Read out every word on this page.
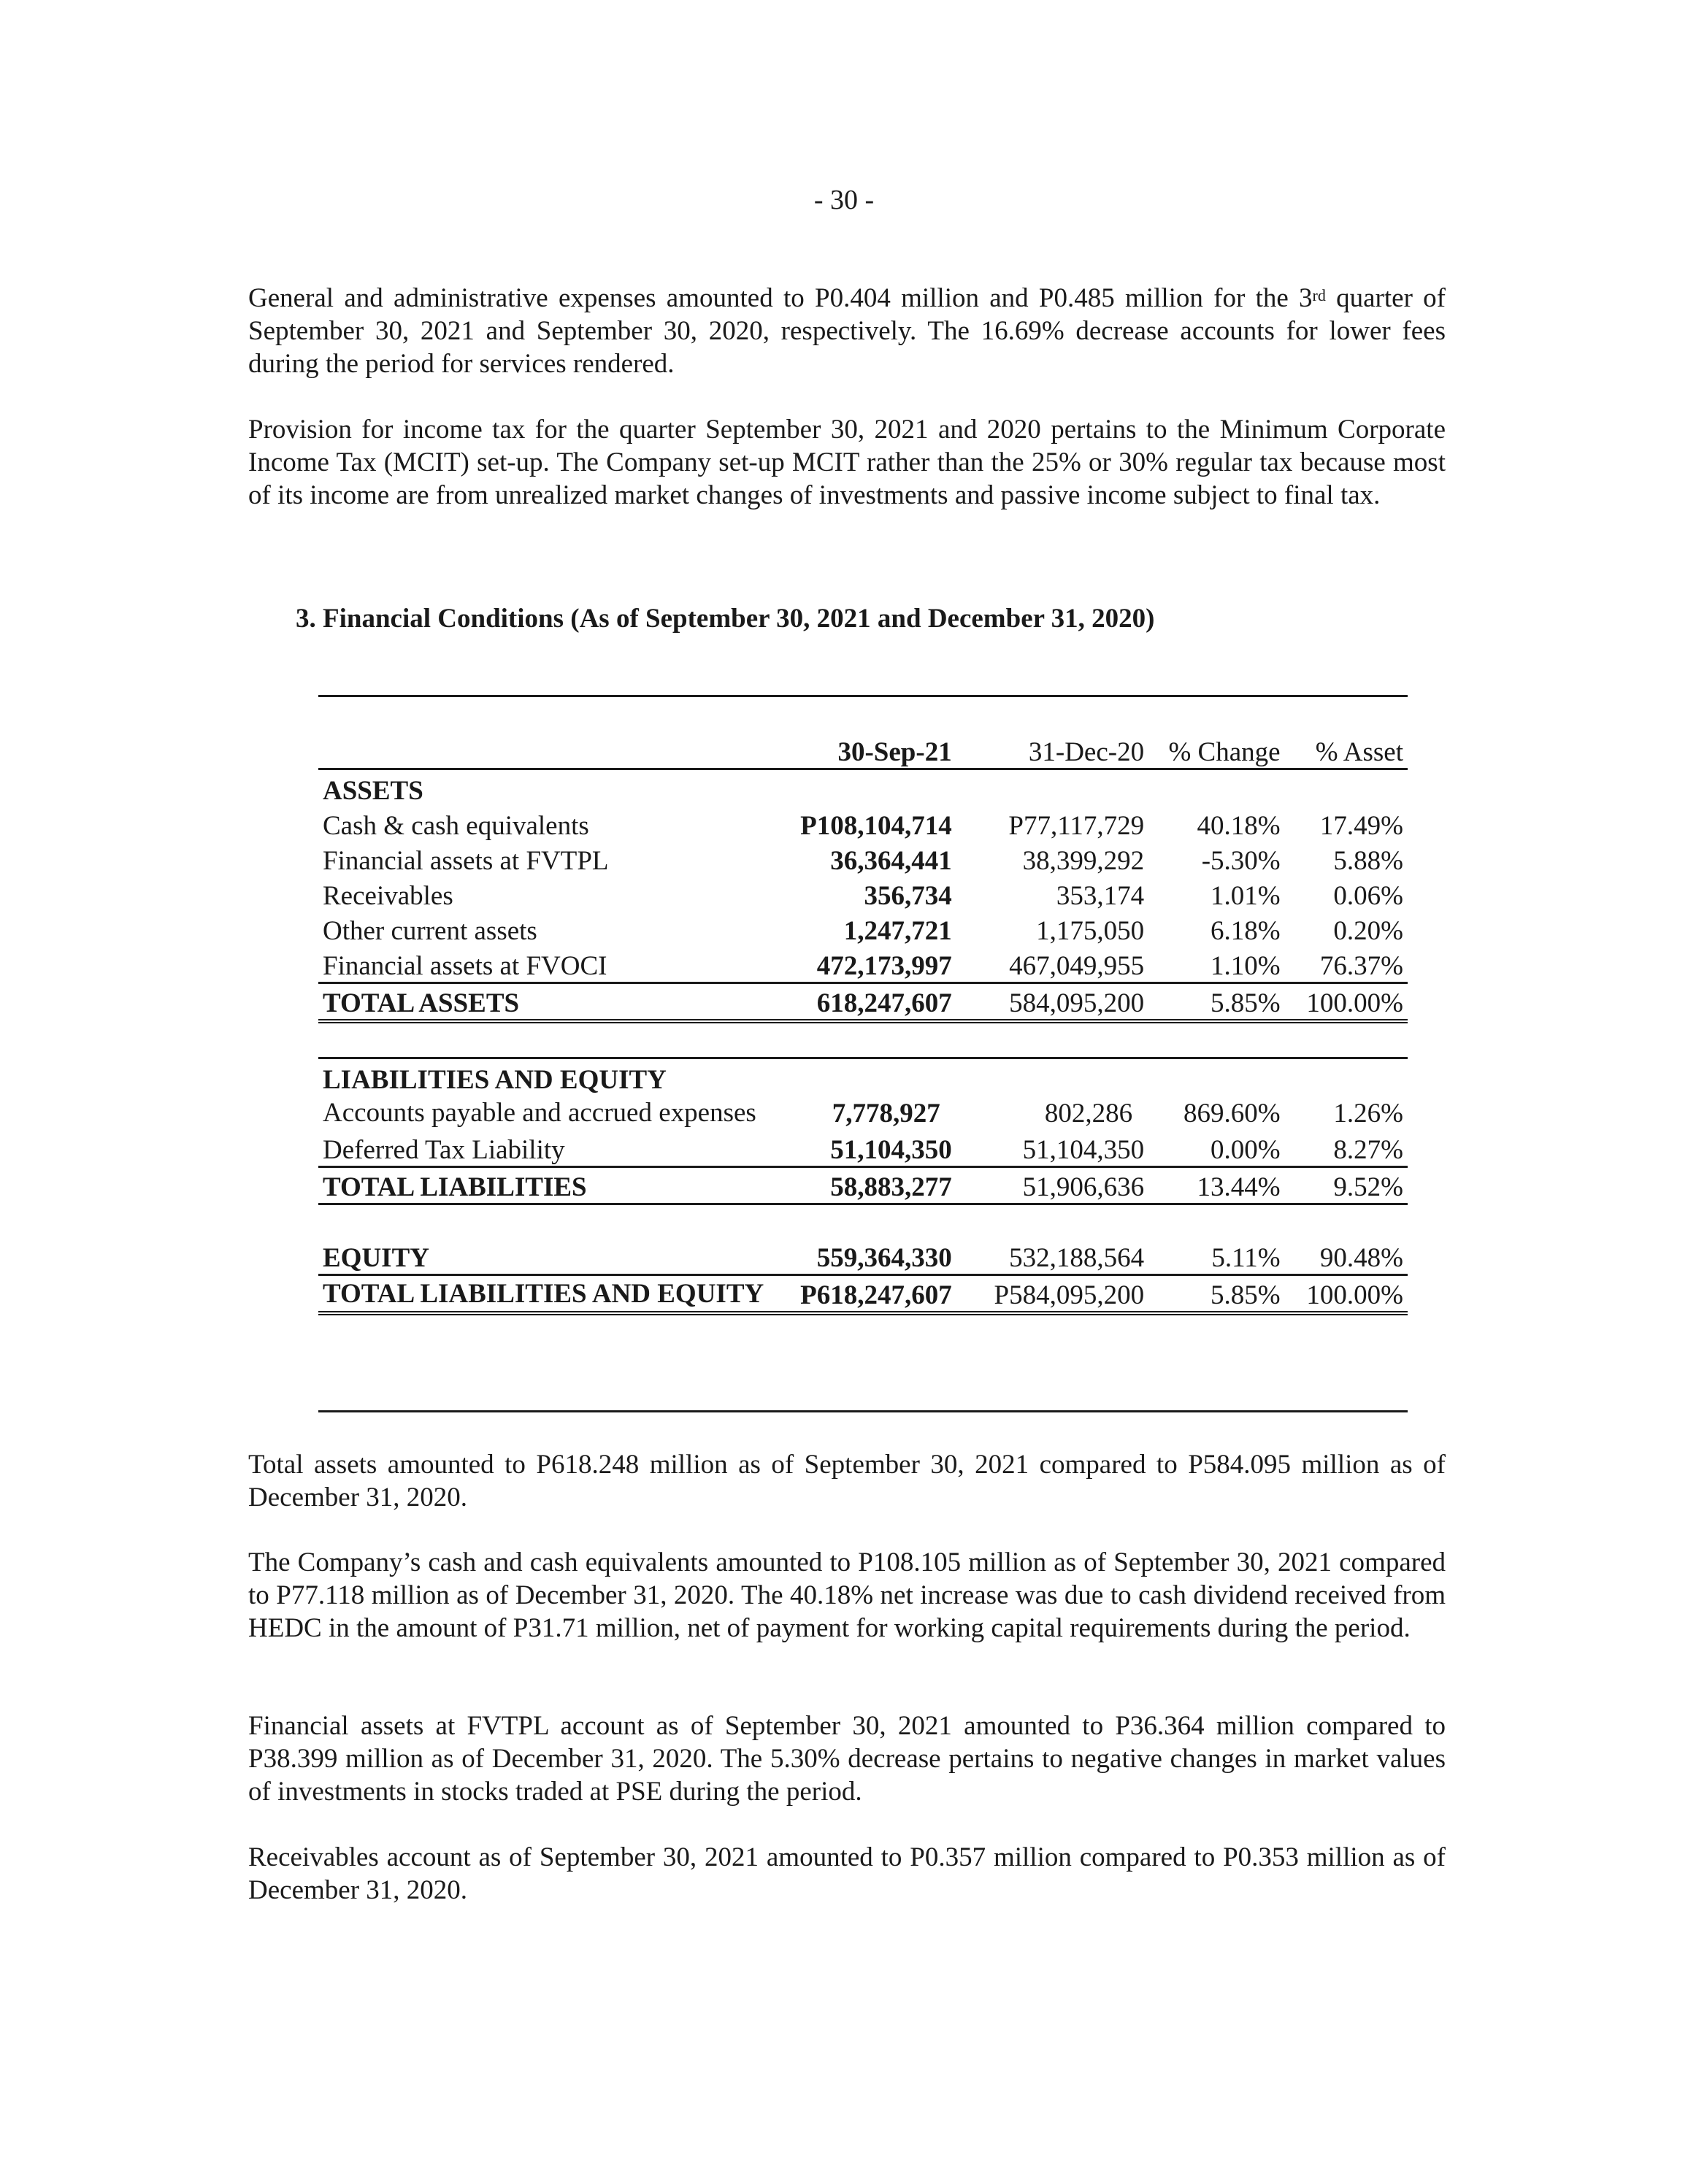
- 30 -

General and administrative expenses amounted to P0.404 million and P0.485 million for the 3rd quarter of September 30, 2021 and September 30, 2020, respectively. The 16.69% decrease accounts for lower fees during the period for services rendered.

Provision for income tax for the quarter September 30, 2021 and 2020 pertains to the Minimum Corporate Income Tax (MCIT) set-up. The Company set-up MCIT rather than the 25% or 30% regular tax because most of its income are from unrealized market changes of investments and passive income subject to final tax.

3. Financial Conditions (As of September 30, 2021 and December 31, 2020)
	30-Sep-21	31-Dec-20	% Change	% Asset
ASSETS				
Cash & cash equivalents	P108,104,714	P77,117,729	40.18%	17.49%
Financial assets at FVTPL	36,364,441	38,399,292	-5.30%	5.88%
Receivables	356,734	353,174	1.01%	0.06%
Other current assets	1,247,721	1,175,050	6.18%	0.20%
Financial assets at FVOCI	472,173,997	467,049,955	1.10%	76.37%
TOTAL ASSETS	618,247,607	584,095,200	5.85%	100.00%

LIABILITIES AND EQUITY				
Accounts payable and accrued expenses	7,778,927	802,286	869.60%	1.26%
Deferred Tax Liability	51,104,350	51,104,350	0.00%	8.27%
TOTAL LIABILITIES	58,883,277	51,906,636	13.44%	9.52%

EQUITY	559,364,330	532,188,564	5.11%	90.48%
TOTAL LIABILITIES AND EQUITY	P618,247,607	P584,095,200	5.85%	100.00%

Total assets amounted to P618.248 million as of September 30, 2021 compared to P584.095 million as of December 31, 2020.

The Company’s cash and cash equivalents amounted to P108.105 million as of September 30, 2021 compared to P77.118 million as of December 31, 2020. The 40.18% net increase was due to cash dividend received from HEDC in the amount of P31.71 million, net of payment for working capital requirements during the period.

Financial assets at FVTPL account as of September 30, 2021 amounted to P36.364 million compared to P38.399 million as of December 31, 2020. The 5.30% decrease pertains to negative changes in market values of investments in stocks traded at PSE during the period.

Receivables account as of September 30, 2021 amounted to P0.357 million compared to P0.353 million as of December 31, 2020.
